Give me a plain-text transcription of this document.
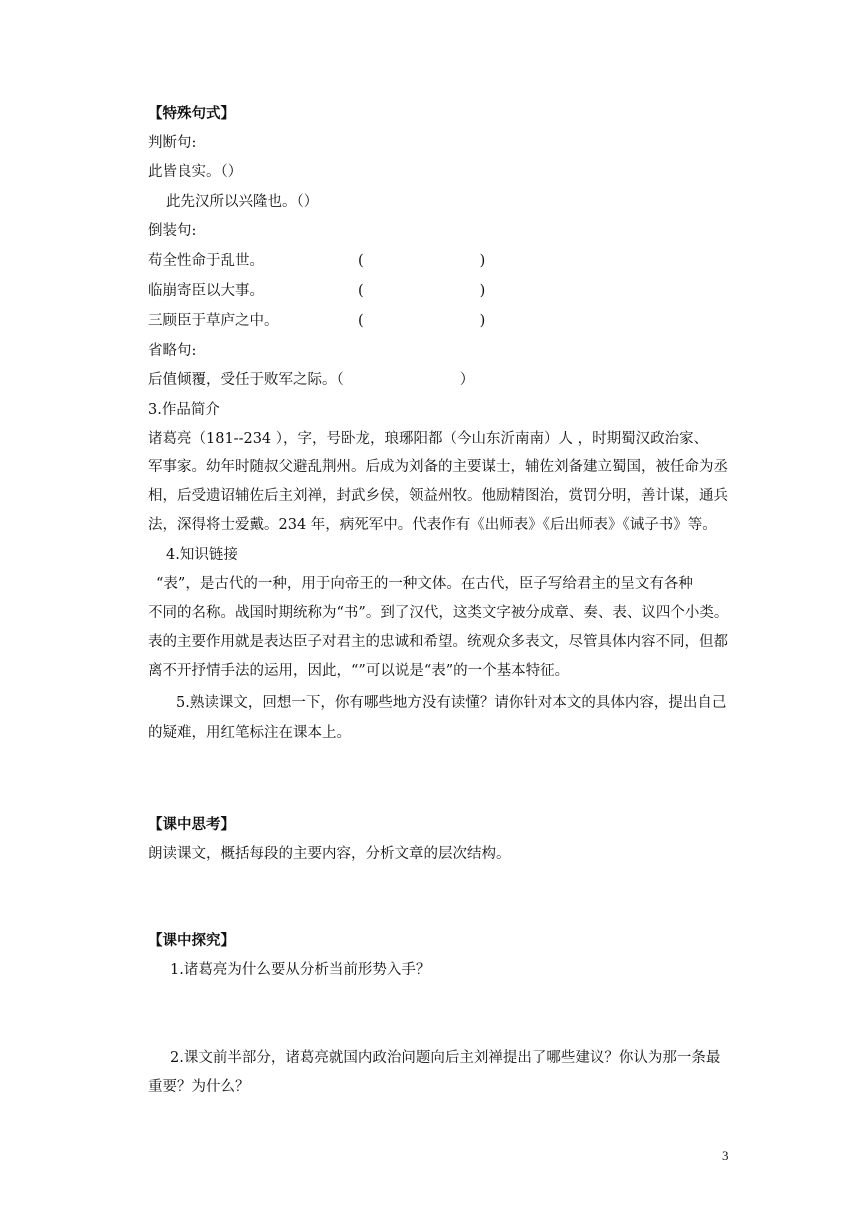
【特殊句式】
判断句:
此皆良实。（）
此先汉所以兴隆也。（）
倒装句:
苟全性命于乱世。	(　　　　　　　　)
临崩寄臣以大事。	(　　　　　　　　)
三顾臣于草庐之中。	(　　　　　　　　)
省略句:
后值倾覆，受任于败军之际。（　　　　　　　　）
3.作品简介
诸葛亮（181--234 ），字，号卧龙，琅琊阳都（今山东沂南南）人 ，时期蜀汉政治家、
军事家。幼年时随叔父避乱荆州。后成为刘备的主要谋士，辅佐刘备建立蜀国，被任命为丞
相，后受遗诏辅佐后主刘禅，封武乡侯，领益州牧。他励精图治，赏罚分明，善计谋，通兵
法，深得将士爱戴。234 年，病死军中。代表作有《出师表》《后出师表》《诫子书》等。
4.知识链接
“表”，是古代的一种，用于向帝王的一种文体。在古代，臣子写给君主的呈文有各种
不同的名称。战国时期统称为“书”。到了汉代，这类文字被分成章、奏、表、议四个小类。
表的主要作用就是表达臣子对君主的忠诚和希望。统观众多表文，尽管具体内容不同，但都
离不开抒情手法的运用，因此，“”可以说是“表”的一个基本特征。
5.熟读课文，回想一下，你有哪些地方没有读懂？请你针对本文的具体内容，提出自己
的疑难，用红笔标注在课本上。
【课中思考】
朗读课文，概括每段的主要内容，分析文章的层次结构。
【课中探究】
1.诸葛亮为什么要从分析当前形势入手？
2.课文前半部分，诸葛亮就国内政治问题向后主刘禅提出了哪些建议？你认为那一条最
重要？为什么？
3
